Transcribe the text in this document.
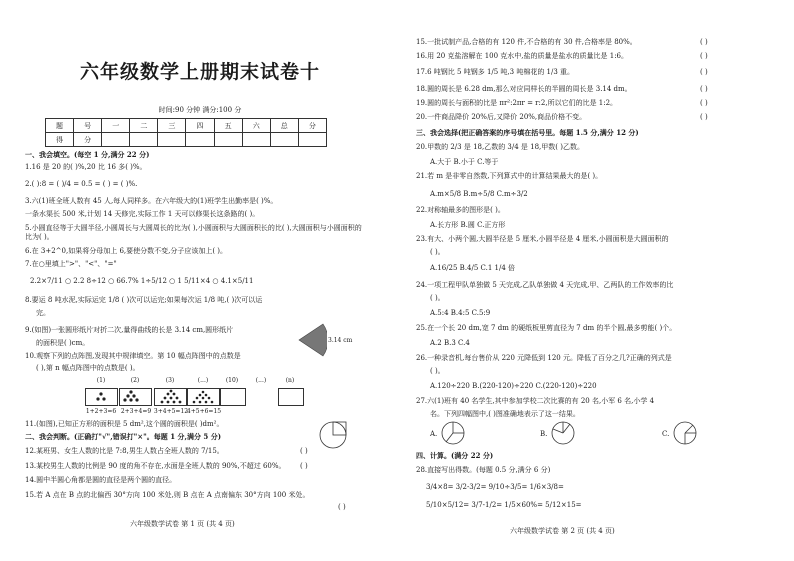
六年级数学上册期末试卷十
时间:90 分钟 满分:100 分
题	号	一	二	三	四	五	六	总	分
得	分								
一、我会填空。(每空 1 分,满分 22 分)
1.16 是 20 的( )%,20 比 16 多( )%。
2.( ):8 = ( )/4 = 0.5 = ( ) = ( )%.
3.六(1)班全班人数有 45 人,每人同样多。在六年级大的(1)班学生出勤率是( )%。
一条水渠长 500 米,计划 14 天修完,实际工作 1 天可以修渠长这条路的( )。
5.小圆直径等于大圆半径,小圆周长与大圆周长的比为( ),小圆面积与大圆面积长的比( ),大圆面积与小圆面积的比为( )。
6.在 3+2^0,如果将分母加上 6,要使分数不变,分子应该加上( )。
7.在○里填上">"、"<"、"="
2.2×7/11 ○ 2.2 8÷12 ○ 66.7% 1÷5/12 ○ 1 5/11×4 ○ 4.1×5/11
8.要运 8 吨水泥,实际运完 1/8 ( )次可以运完;如果每次运 1/8 吨,( )次可以运
完。
9.(如图)一张圆形纸片对折二次,量得曲线的长是 3.14 cm,圆形纸片
的面积是( )cm。	3.14 cm
10.观察下列的点阵图,发现其中规律填空。第 10 幅点阵图中的点数是
( ),第 n 幅点阵图中的点数是( )。
(1)	(2)	(3)	(...)	(10)	(...)	(n)
1+2+3=6 2+3+4=9 3+4+5=12
4+5+6=15
11.(如图),已知正方形的面积是 5 dm²,这个圆的面积是( )dm²。
二、我会判断。(正确打"√",错误打"×"。每题 1 分,满分 5 分)
12.某班男、女生人数的比是 7:8,男生人数占全班人数的 7/15。	( )
13.某校男生人数的比例是 90 度的角不存在,水面是全班人数的 90%,不超过 60%。 ( )
14.圆中半圆心角都是圆的直径是两个圆的直径。
15.若 A 点在 B 点的北偏西 30°方向 100 米处,则 B 点在 A 点南偏东 30°方向 100 米处。
( )
六年级数学试卷 第 1 页 (共 4 页)
15.一批试制产品,合格的有 120 件,不合格的有 30 件,合格率是 80%。	( )
16.用 20 克盐溶解在 100 克水中,盐的质量是盐水的质量比是 1:6。	( )
17.6 吨钢比 5 吨钢多 1/5 吨,3 吨棉花的 1/3 重。	( )
18.圆的周长是 6.28 dm,那么对应同样长的半圆的周长是 3.14 dm。	( )
19.圆的周长与面积的比是 πr²:2πr = r:2,所以它们的比是 1:2。	( )
20.一件商品降价 20%后,又降价 20%,商品价格不变。	( )
三、我会选择(把正确答案的序号填在括号里。每题 1.5 分,满分 12 分)
20.甲数的 2/3 是 18,乙数的 3/4 是 18,甲数( )乙数。
A.大于 B.小于 C.等于
21.若 m 是非零自然数,下列算式中的计算结果最大的是( )。
A.m×5/8 B.m÷5/8 C.m÷3/2
22.对称轴最多的图形是( )。
A.长方形 B.圆 C.正方形
23.有大、小两个圆,大圆半径是 5 厘米,小圆半径是 4 厘米,小圆面积是大圆面积的
( )。
A.16/25 B.4/5 C.1 1/4 倍
24.一项工程甲队单独做 5 天完成,乙队单独做 4 天完成,甲、乙两队的工作效率的比
( )。
A.5:4 B.4:5 C.5:9
25.在一个长 20 dm,宽 7 dm 的硬纸板里剪直径为 7 dm 的半个圆,最多剪能( )个。
A.2 B.3 C.4
26.一种录音机,每台售价从 220 元降低到 120 元。降低了百分之几?正确的列式是
( )。
A.120÷220 B.(220-120)÷220 C.(220-120)÷220
27.六(1)班有 40 名学生,其中参加学校二次比赛的有 20 名,小军 6 名,小学 4
名。下列四幅图中,( )图准确地表示了这一结果。
A.	B.	C.
四、计算。(满分 22 分)
28.直接写出得数。(每题 0.5 分,满分 6 分)
3/4×8= 3/2-3/2= 9/10÷3/5= 1/6×3/8=
5/10×5/12= 3/7-1/2= 1/5×60%= 5/12×15=
六年级数学试卷 第 2 页 (共 4 页)
